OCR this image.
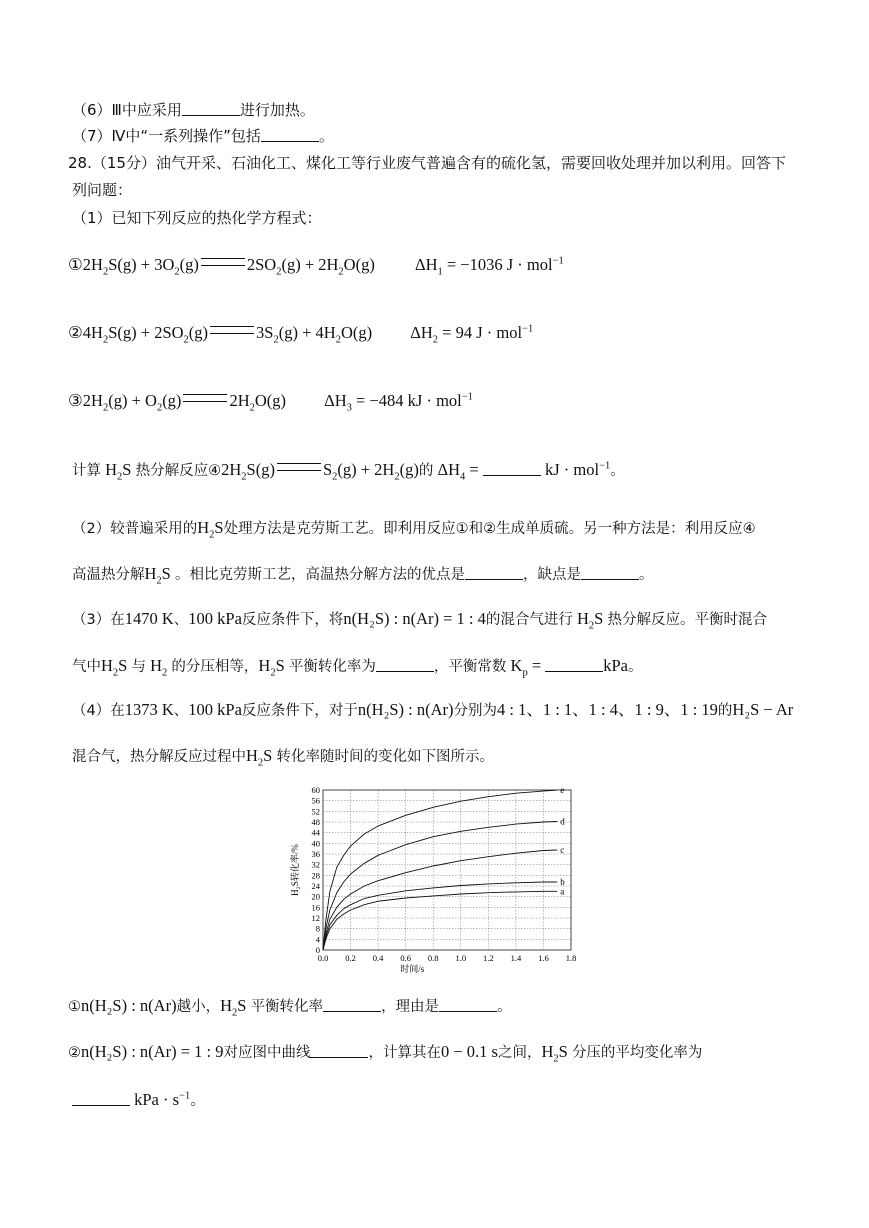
（6）Ⅲ中应采用	进行加热。
（7）Ⅳ中“一系列操作”包括	。
28.（15分）油气开采、石油化工、煤化工等行业废气普遍含有的硫化氢，需要回收处理并加以利用。回答下
列问题：
（1）已知下列反应的热化学方程式：
$①2H_2S(g) + 3O_2(g)$	$2SO_2(g) + 2H_2O(g) \Delta H_1 = -1036$ J · mol$^{-1}$
$②4H_2S(g) + 2SO_2(g)$	$3S_2(g) + 4H_2O(g) \Delta H_2 = 94$ J · mol$^{-1}$
$③2H_2(g) + O_2(g)$	$2H_2O(g) \Delta H_3 = -484$ kJ · mol$^{-1}$
计算 $H_2S$ 热分解反应$④2H_2S(g)$	$S_2(g) + 2H_2(g)$的 $\Delta H_4$ =	kJ · mol$^{-1}$。
（2）较普遍采用的$H_2S$处理方法是克劳斯工艺。即利用反应①和②生成单质硫。另一种方法是：利用反应④
高温热分解$H_2S$ 。相比克劳斯工艺，高温热分解方法的优点是	，缺点是	。
（3）在1470 K、100 kPa反应条件下，将n(H₂S) : n(Ar) = 1 : 4的混合气进行 $H_2S$ 热分解反应。平衡时混合
气中$H_2S$ 与 $H_2$ 的分压相等，$H_2S$ 平衡转化率为	，平衡常数 $K_p$ =	kPa。
（4）在1373 K、100 kPa反应条件下，对于n(H₂S) : n(Ar)分别为4 : 1、1 : 1、1 : 4、1 : 9、1 : 19的H₂S − Ar
混合气，热分解反应过程中$H_2S$ 转化率随时间的变化如下图所示。
0.0 0.2 0.4 0.6 0.8 1.0 1.2 1.4 1.6 1.8
0
4
8
12
16
20
24
28
32
36
40
44
48
52
56
60
a
b
c
d
e
时间/s
H₂S转化率/%
①n(H₂S) : n(Ar)越小，$H_2S$ 平衡转化率	，理由是	。
②n(H₂S) : n(Ar) = 1 : 9对应图中曲线	，计算其在0 − 0.1 s之间，$H_2S$ 分压的平均变化率为
kPa · $s^{-1}$。
